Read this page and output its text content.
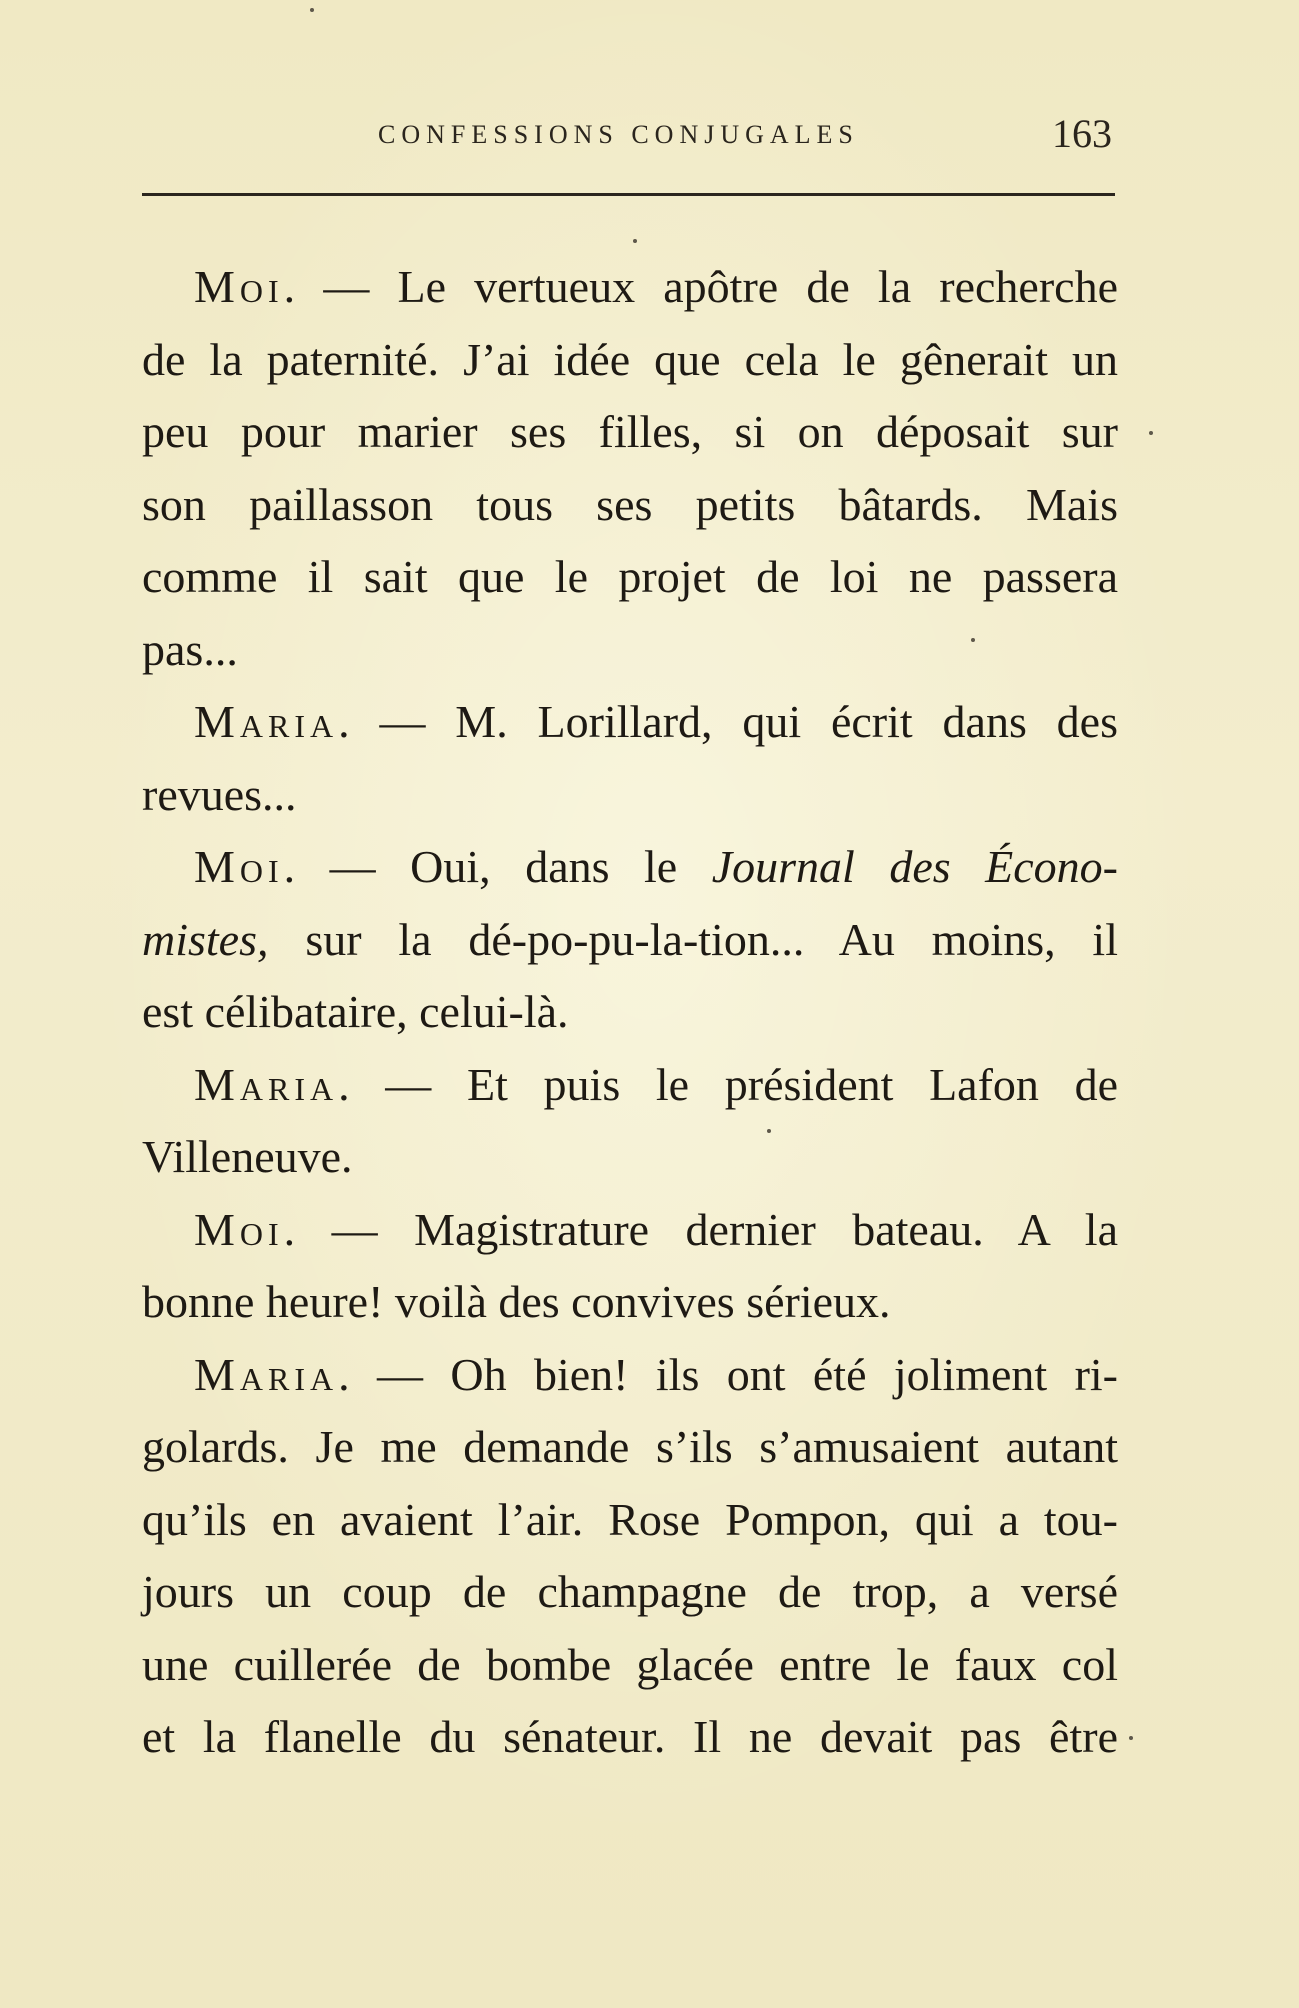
CONFESSIONS CONJUGALES	163
Moi. — Le vertueux apôtre de la recherche
de la paternité. J’ai idée que cela le gênerait un
peu pour marier ses filles, si on déposait sur
son paillasson tous ses petits bâtards. Mais
comme il sait que le projet de loi ne passera
pas...
Maria. — M. Lorillard, qui écrit dans des
revues...
Moi. — Oui, dans le Journal des Écono-
mistes, sur la dé-po-pu-la-tion... Au moins, il
est célibataire, celui-là.
Maria. — Et puis le président Lafon de
Villeneuve.
Moi. — Magistrature dernier bateau. A la
bonne heure! voilà des convives sérieux.
Maria. — Oh bien! ils ont été joliment ri-
golards. Je me demande s’ils s’amusaient autant
qu’ils en avaient l’air. Rose Pompon, qui a tou-
jours un coup de champagne de trop, a versé
une cuillerée de bombe glacée entre le faux col
et la flanelle du sénateur. Il ne devait pas être
